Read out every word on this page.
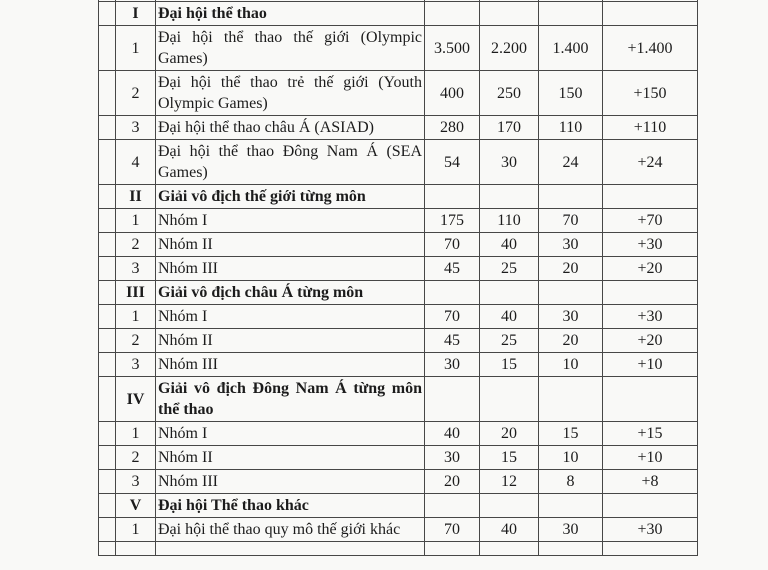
	I	Đại hội thể thao				
	1	Đại hội thể thao thế giới (Olympic Games)	3.500	2.200	1.400	+1.400
	2	Đại hội thể thao trẻ thế giới (Youth Olympic Games)	400	250	150	+150
	3	Đại hội thể thao châu Á (ASIAD)	280	170	110	+110
	4	Đại hội thể thao Đông Nam Á (SEA Games)	54	30	24	+24
	II	Giải vô địch thế giới từng môn				
	1	Nhóm I	175	110	70	+70
	2	Nhóm II	70	40	30	+30
	3	Nhóm III	45	25	20	+20
	III	Giải vô địch châu Á từng môn				
	1	Nhóm I	70	40	30	+30
	2	Nhóm II	45	25	20	+20
	3	Nhóm III	30	15	10	+10
	IV	Giải vô địch Đông Nam Á từng môn thể thao				
	1	Nhóm I	40	20	15	+15
	2	Nhóm II	30	15	10	+10
	3	Nhóm III	20	12	8	+8
	V	Đại hội Thể thao khác				
	1	Đại hội thể thao quy mô thế giới khác	70	40	30	+30
